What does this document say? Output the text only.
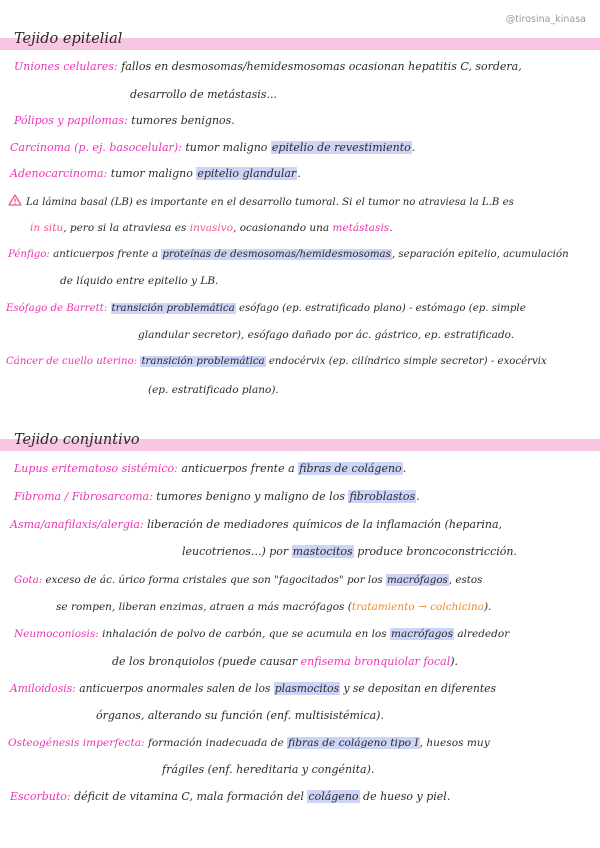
@tirosina_kinasa
Tejido epitelial
Uniones celulares: fallos en desmosomas/hemidesmosomas ocasionan hepatitis C, sordera,
desarrollo de metástasis...
Pólipos y papilomas: tumores benignos.
Carcinoma (p. ej. basocelular): tumor maligno epitelio de revestimiento.
Adenocarcinoma: tumor maligno epitelio glandular.
La lámina basal (LB) es importante en el desarrollo tumoral. Si el tumor no atraviesa la L.B es
in situ, pero si la atraviesa es invasivo, ocasionando una metástasis.
Pénfigo: anticuerpos frente a proteínas de desmosomas/hemidesmosomas, separación epitelio, acumulación
de líquido entre epitelio y LB.
Esófago de Barrett: transición problemática esófago (ep. estratificado plano) - estómago (ep. simple
glandular secretor), esófago dañado por ác. gástrico, ep. estratificado.
Cáncer de cuello uterino: transición problemática endocérvix (ep. cilíndrico simple secretor) - exocérvix
(ep. estratificado plano).
Tejido conjuntivo
Lupus eritematoso sistémico: anticuerpos frente a fibras de colágeno.
Fibroma / Fibrosarcoma: tumores benigno y maligno de los fibroblastos.
Asma/anafilaxis/alergia: liberación de mediadores químicos de la inflamación (heparina,
leucotrienos...) por mastocitos produce broncoconstricción.
Gota: exceso de ác. úrico forma cristales que son "fagocitados" por los macrófagos, estos
se rompen, liberan enzimas, atraen a más macrófagos (tratamiento → colchicina).
Neumoconiosis: inhalación de polvo de carbón, que se acumula en los macrófagos alrededor
de los bronquiolos (puede causar enfisema bronquiolar focal).
Amiloidosis: anticuerpos anormales salen de los plasmocitos y se depositan en diferentes
órganos, alterando su función (enf. multisistémica).
Osteogénesis imperfecta: formación inadecuada de fibras de colágeno tipo I, huesos muy
frágiles (enf. hereditaria y congénita).
Escorbuto: déficit de vitamina C, mala formación del colágeno de hueso y piel.
